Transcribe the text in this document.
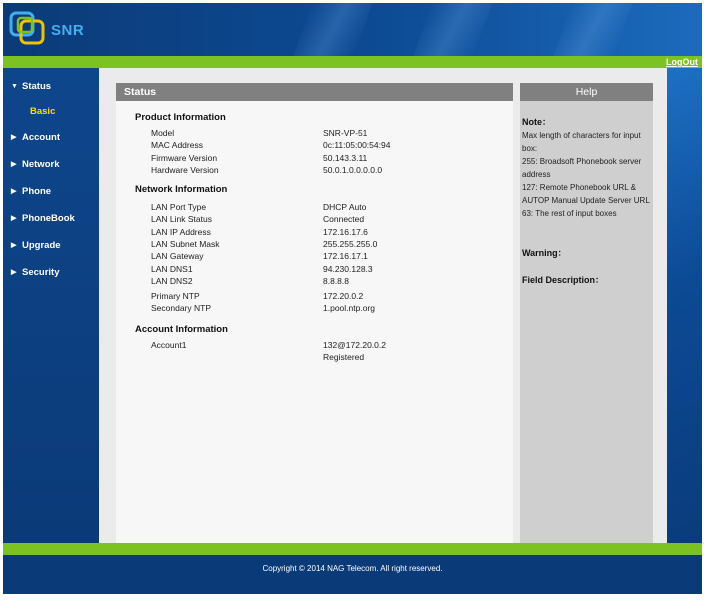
SNR
LogOut
▼ Status
Basic
▶ Account
▶ Network
▶ Phone
▶ PhoneBook
▶ Upgrade
▶ Security
Status
Product Information
Model	SNR-VP-51
MAC Address	0c:11:05:00:54:94
Firmware Version	50.143.3.11
Hardware Version	50.0.1.0.0.0.0.0
Network Information
LAN Port Type	DHCP Auto
LAN Link Status	Connected
LAN IP Address	172.16.17.6
LAN Subnet Mask	255.255.255.0
LAN Gateway	172.16.17.1
LAN DNS1	94.230.128.3
LAN DNS2	8.8.8.8
Primary NTP	172.20.0.2
Secondary NTP	1.pool.ntp.org
Account Information
Account1	132@172.20.0.2
Registered
Help
Note：

Max length of characters for input box:

255: Broadsoft Phonebook server address

127: Remote Phonebook URL & AUTOP Manual Update Server URL

63: The rest of input boxes

Warning：
Field Description：
Copyright © 2014 NAG Telecom. All right reserved.
